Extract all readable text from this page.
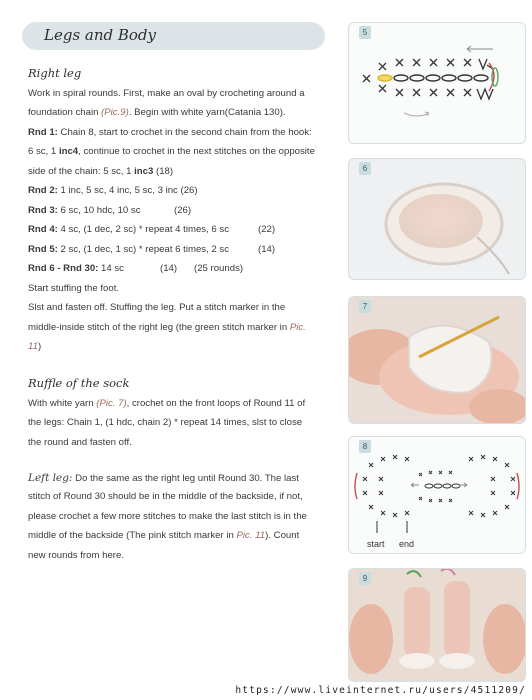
Legs and Body
Right leg
Work in spiral rounds. First, make an oval by crocheting around a
foundation chain (Pic.9). Begin with white yarn(Catania 130).
Rnd 1: Chain 8, start to crochet in the second chain from the hook:
6 sc, 1 inc4, continue to crochet in the next stitches on the opposite
side of the chain: 5 sc, 1 inc3 (18)
Rnd 2: 1 inc, 5 sc, 4 inc, 5 sc, 3 inc (26)
Rnd 3: 6 sc, 10 hdc, 10 sc	(26)
Rnd 4: 4 sc, (1 dec, 2 sc) * repeat 4 times, 6 sc	(22)
Rnd 5: 2 sc, (1 dec, 1 sc) * repeat 6 times, 2 sc	(14)
Rnd 6 - Rnd 30: 14 sc	(14) (25 rounds)
Start stuffing the foot.
Slst and fasten off. Stuffing the leg. Put a stitch marker in the
middle-inside stitch of the right leg (the green stitch marker in Pic.
11)
Ruffle of the sock
With white yarn (Pic. 7), crochet on the front loops of Round 11 of
the legs: Chain 1, (1 hdc, chain 2) * repeat 14 times, slst to close
the round and fasten off.
Left leg: Do the same as the right leg until Round 30. The last
stitch of Round 30 should be in the middle of the backside, if not,
please crochet a few more stitches to make the last stitch is in the
middle of the backside (The pink stitch marker in Pic. 11). Count
new rounds from here.
5
6
7
8
start end
9
https://www.liveinternet.ru/users/4511209/
